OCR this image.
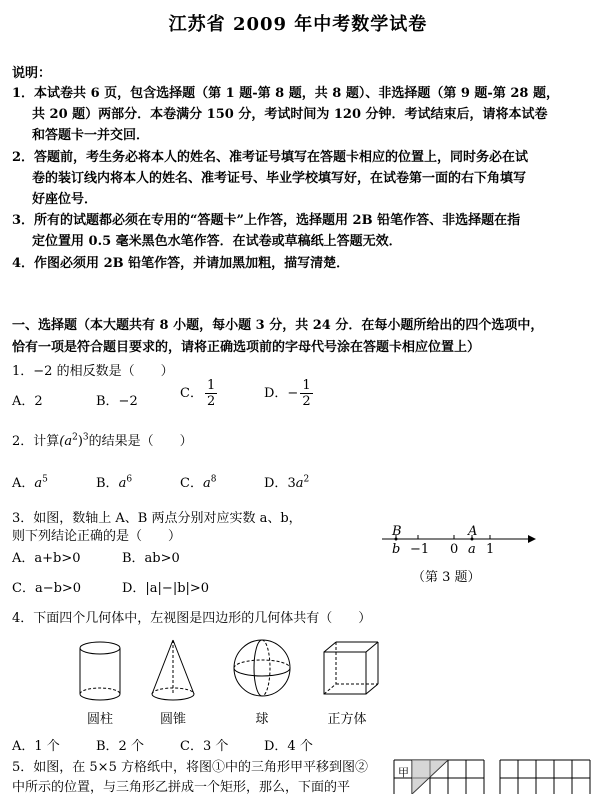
江苏省 2009 年中考数学试卷
说明：
1．本试卷共 6 页，包含选择题（第 1 题-第 8 题，共 8 题）、非选择题（第 9 题-第 28 题，
共 20 题）两部分．本卷满分 150 分，考试时间为 120 分钟．考试结束后，请将本试卷
和答题卡一并交回．
2．答题前，考生务必将本人的姓名、准考证号填写在答题卡相应的位置上，同时务必在试
卷的装订线内将本人的姓名、准考证号、毕业学校填写好，在试卷第一面的右下角填写
好座位号．
3．所有的试题都必须在专用的“答题卡”上作答，选择题用 2B 铅笔作答、非选择题在指
定位置用 0.5 毫米黑色水笔作答．在试卷或草稿纸上答题无效．
4．作图必须用 2B 铅笔作答，并请加黑加粗，描写清楚．
一、选择题（本大题共有 8 小题，每小题 3 分，共 24 分．在每小题所给出的四个选项中，
恰有一项是符合题目要求的，请将正确选项前的字母代号涂在答题卡相应位置上）
1．−2 的相反数是（　　）
A．2	B．−2
C． $\frac{1}{2}$	D．− $\frac{1}{2}$
2．计算$(a^2)^3$的结果是（　　）
A．$a^5$	B．$a^6$	C．$a^8$	D．$3a^2$
3．如图，数轴上 A、B 两点分别对应实数 a、b，
则下列结论正确的是（　　）
A．a+b>0	B．ab>0
C．a−b>0	D．|a|−|b|>0
B	A
b −1 0 a 1
（第 3 题）
4．下面四个几何体中，左视图是四边形的几何体共有（　　）
圆柱	圆锥	球	正方体
A．1 个	B．2 个	C．3 个	D．4 个
5．如图，在 5×5 方格纸中，将图①中的三角形甲平移到图②
中所示的位置，与三角形乙拼成一个矩形，那么，下面的平
甲
